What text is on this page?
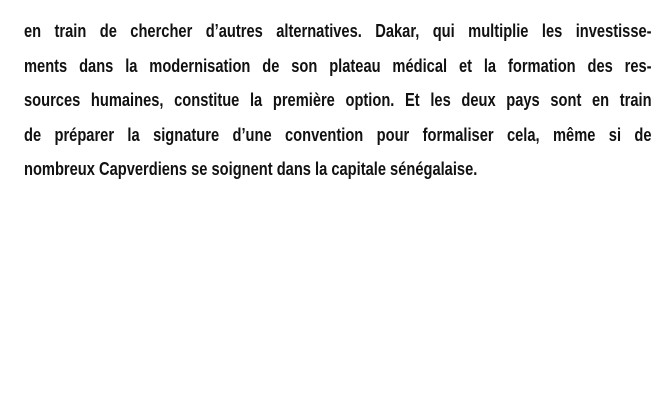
en train de chercher d’autres alternatives. Dakar, qui multiplie les investisse-
ments dans la modernisation de son plateau médical et la formation des res-
sources humaines, constitue la première option. Et les deux pays sont en train
de préparer la signature d’une convention pour formaliser cela, même si de
nombreux Capverdiens se soignent dans la capitale sénégalaise.
